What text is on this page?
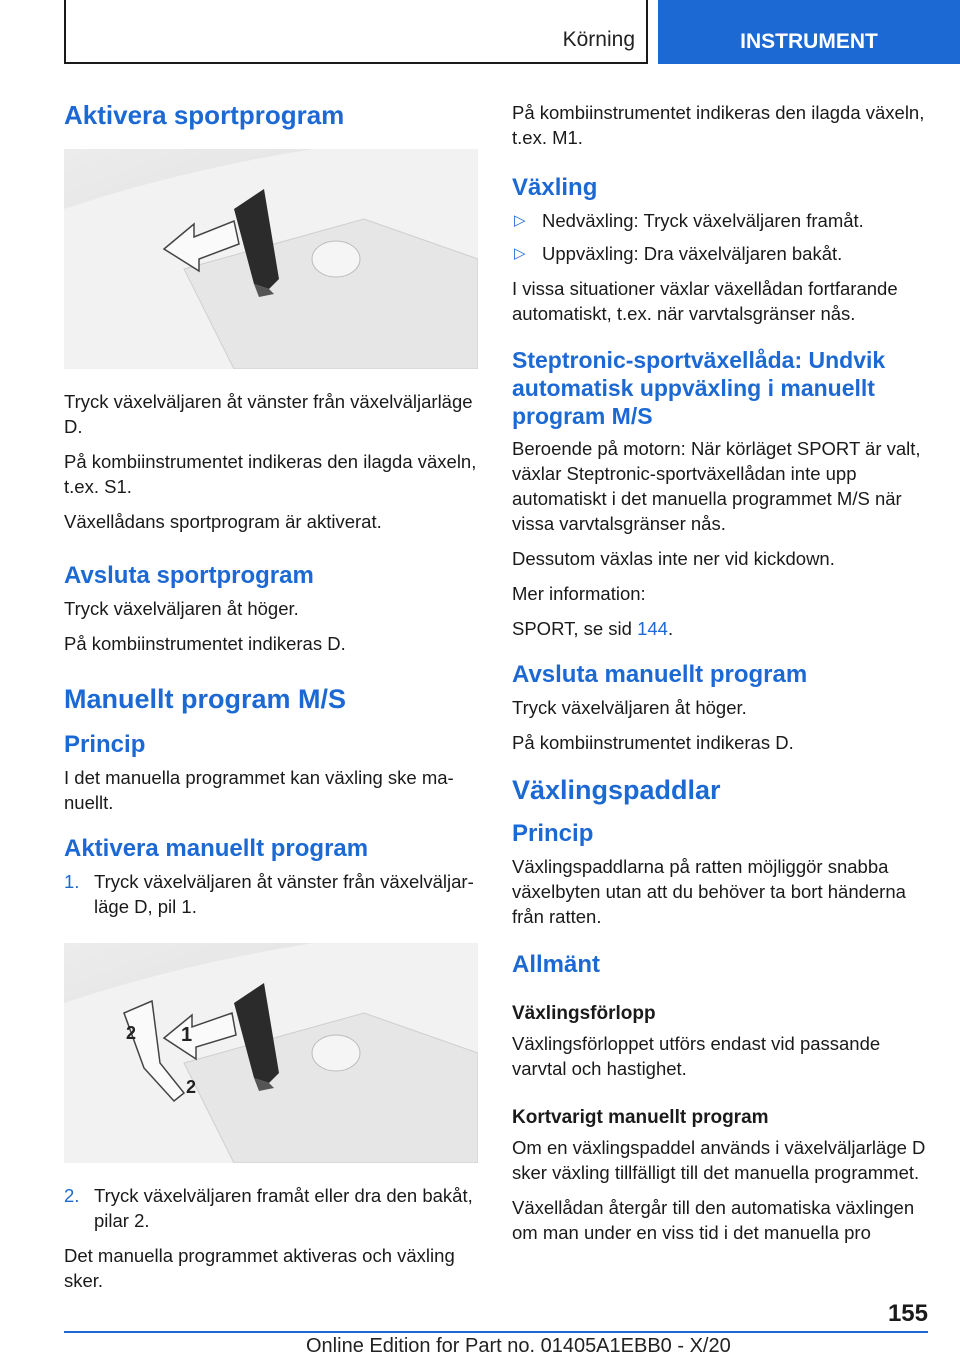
Körning	INSTRUMENT
Aktivera sportprogram

Tryck växelväljaren åt vänster från växelväljarläge D.

På kombiinstrumentet indikeras den ilagda växeln, t.ex. S1.

Växellådans sportprogram är aktiverat.

Avsluta sportprogram

Tryck växelväljaren åt höger.

På kombiinstrumentet indikeras D.

Manuellt program M/S
Princip

I det manuella programmet kan växling ske manuellt.

Aktivera manuellt program
1. Tryck växelväljaren åt vänster från växelväljarläge D, pil 1.
1
2
2
2. Tryck växelväljaren framåt eller dra den bakåt, pilar 2.

Det manuella programmet aktiveras och växling sker.

På kombiinstrumentet indikeras den ilagda växeln, t.ex. M1.

Växling
▷ Nedväxling: Tryck växelväljaren framåt.
▷ Uppväxling: Dra växelväljaren bakåt.

I vissa situationer växlar växellådan fortfarande automatiskt, t.ex. när varvtalsgränser nås.

Steptronic-sportväxellåda: Undvik automatisk uppväxling i manuellt program M/S

Beroende på motorn: När körläget SPORT är valt, växlar Steptronic-sportväxellådan inte upp automatiskt i det manuella programmet M/S när vissa varvtalsgränser nås.

Dessutom växlas inte ner vid kickdown.

Mer information:

SPORT, se sid 144.

Avsluta manuellt program

Tryck växelväljaren åt höger.

På kombiinstrumentet indikeras D.

Växlingspaddlar
Princip

Växlingspaddlarna på ratten möjliggör snabba växelbyten utan att du behöver ta bort händerna från ratten.

Allmänt
Växlingsförlopp

Växlingsförloppet utförs endast vid passande varvtal och hastighet.

Kortvarigt manuellt program

Om en växlingspaddel används i växelväljarläge D sker växling tillfälligt till det manuella programmet.

Växellådan återgår till den automatiska växlingen om man under en viss tid i det manuella pro

155
Online Edition for Part no. 01405A1EBB0 - X/20
